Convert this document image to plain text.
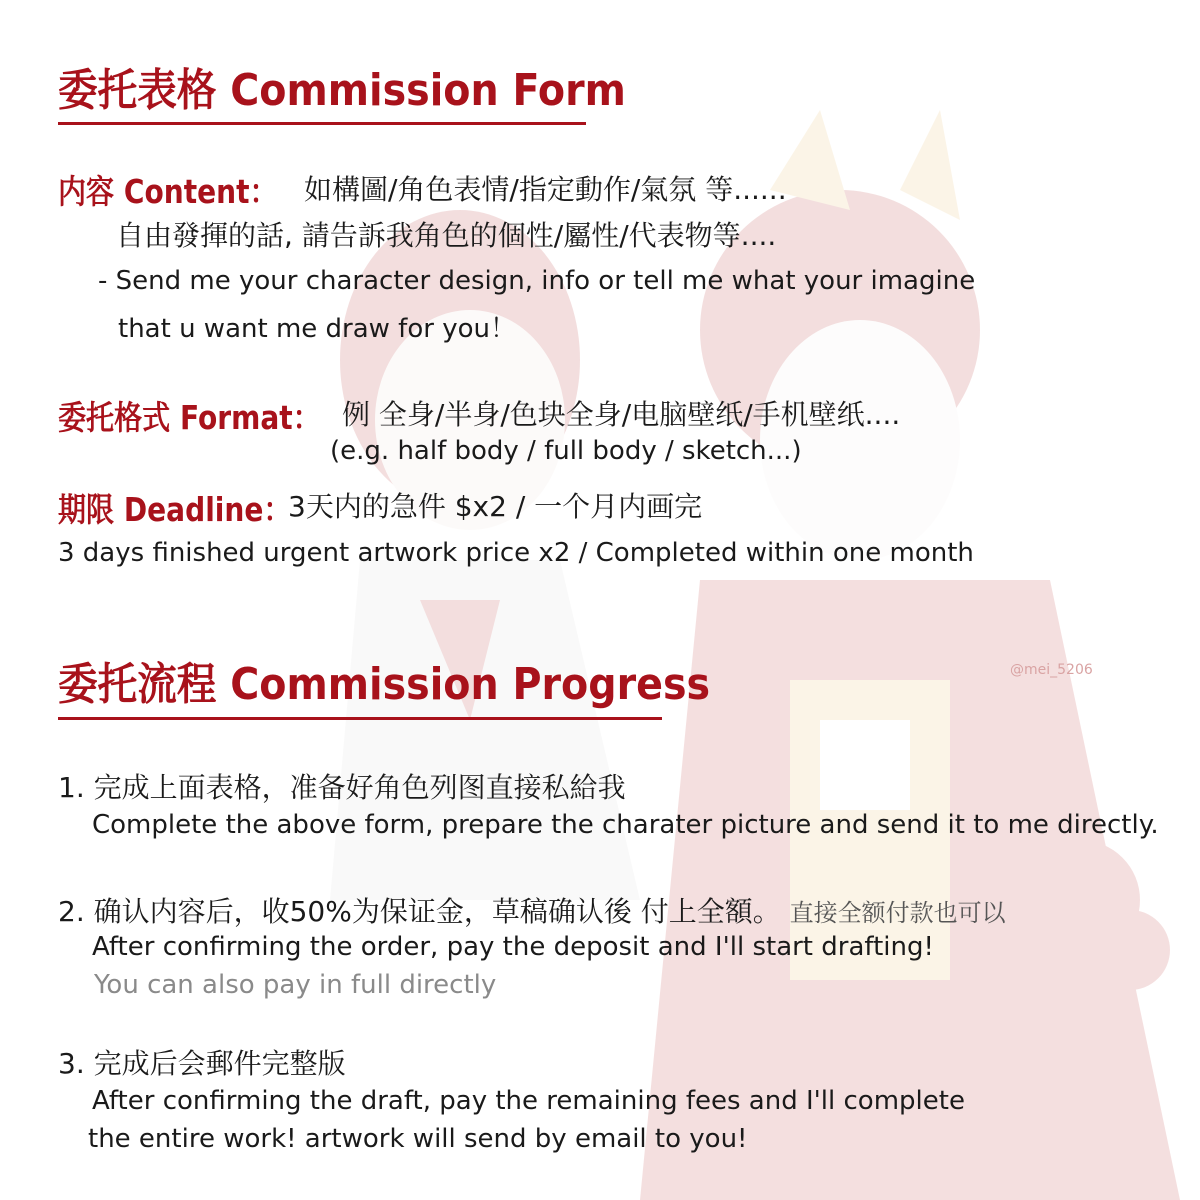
委托表格 Commission Form
内容 Content： 如構圖/角色表情/指定動作/氣氛 等......
自由發揮的話, 請告訴我角色的個性/屬性/代表物等....
- Send me your character design, info or tell me what your imagine
that u want me draw for you！
委托格式 Format： 例 全身/半身/色块全身/电脑壁纸/手机壁纸....
(e.g. half body / full body / sketch...)
期限 Deadline：
3天内的急件 $x2 / 一个月内画完
3 days finished urgent artwork price x2 / Completed within one month
委托流程 Commission Progress
1. 完成上面表格，准备好角色列图直接私給我
Complete the above form, prepare the charater picture and send it to me directly.
2. 确认内容后，收50%为保证金，草稿确认後 付上全額。 直接全额付款也可以
After confirming the order, pay the deposit and I'll start drafting!
You can also pay in full directly
3. 完成后会郵件完整版
After confirming the draft, pay the remaining fees and I'll complete
the entire work! artwork will send by email to you!
@mei_5206
